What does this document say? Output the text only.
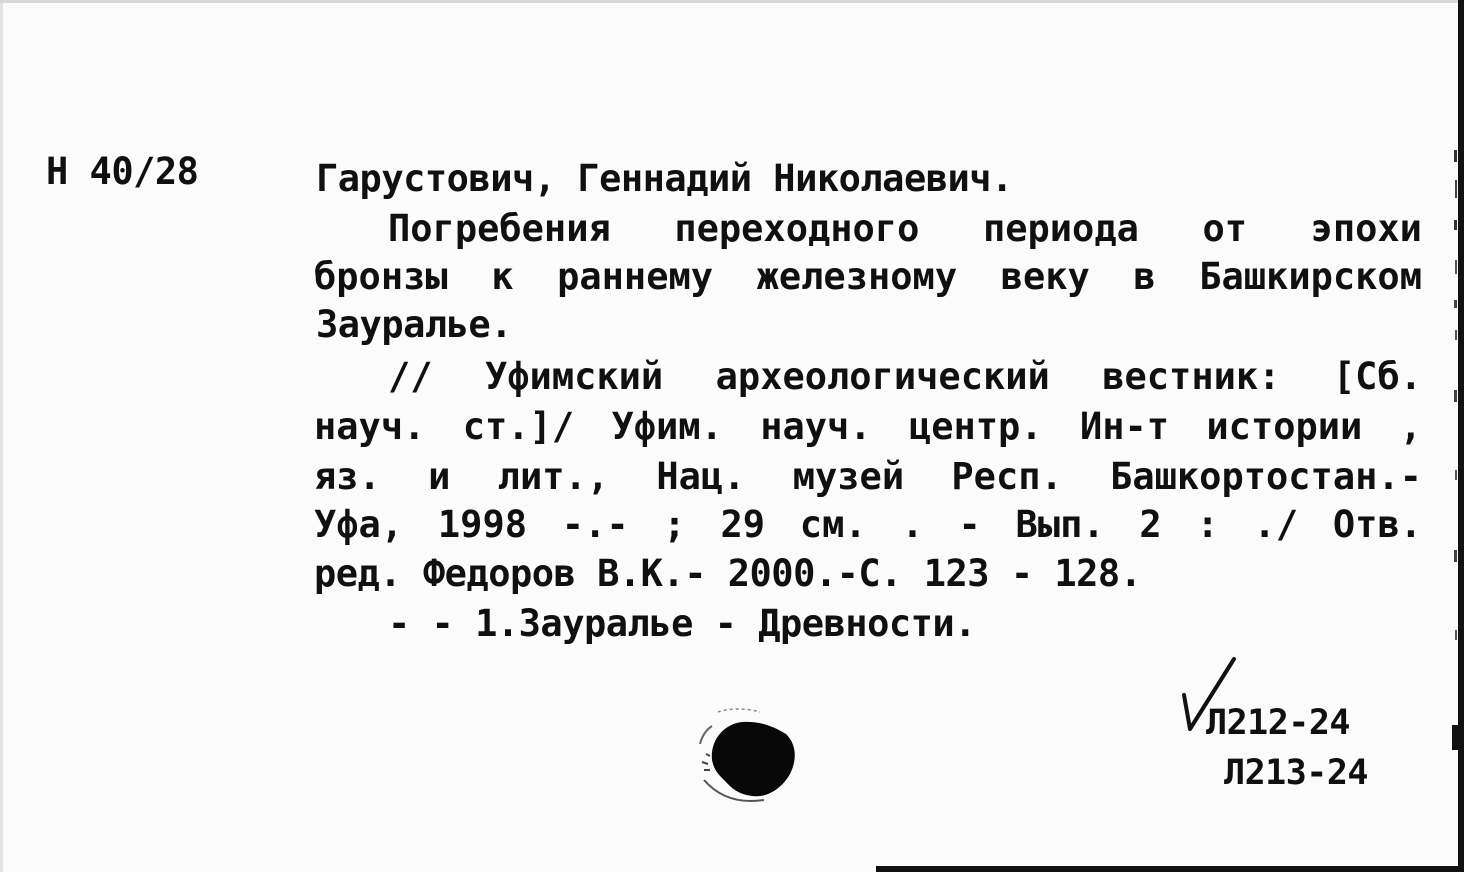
Н 40/28	Гарустович, Геннадий Николаевич.
Погребения переходного периода от эпохи
бронзы к раннему железному веку в Башкирском
Зауралье.
// Уфимский археологический вестник: [Сб.
науч. ст.]/ Уфим. науч. центр. Ин-т истории ,
яз. и лит., Нац. музей Респ. Башкортостан.-
Уфа, 1998 -.- ; 29 см. . - Вып. 2 : ./ Отв.
ред. Федоров В.К.- 2000.-С. 123 - 128.
- - 1.Зауралье - Древности.
Л212-24
Л213-24
